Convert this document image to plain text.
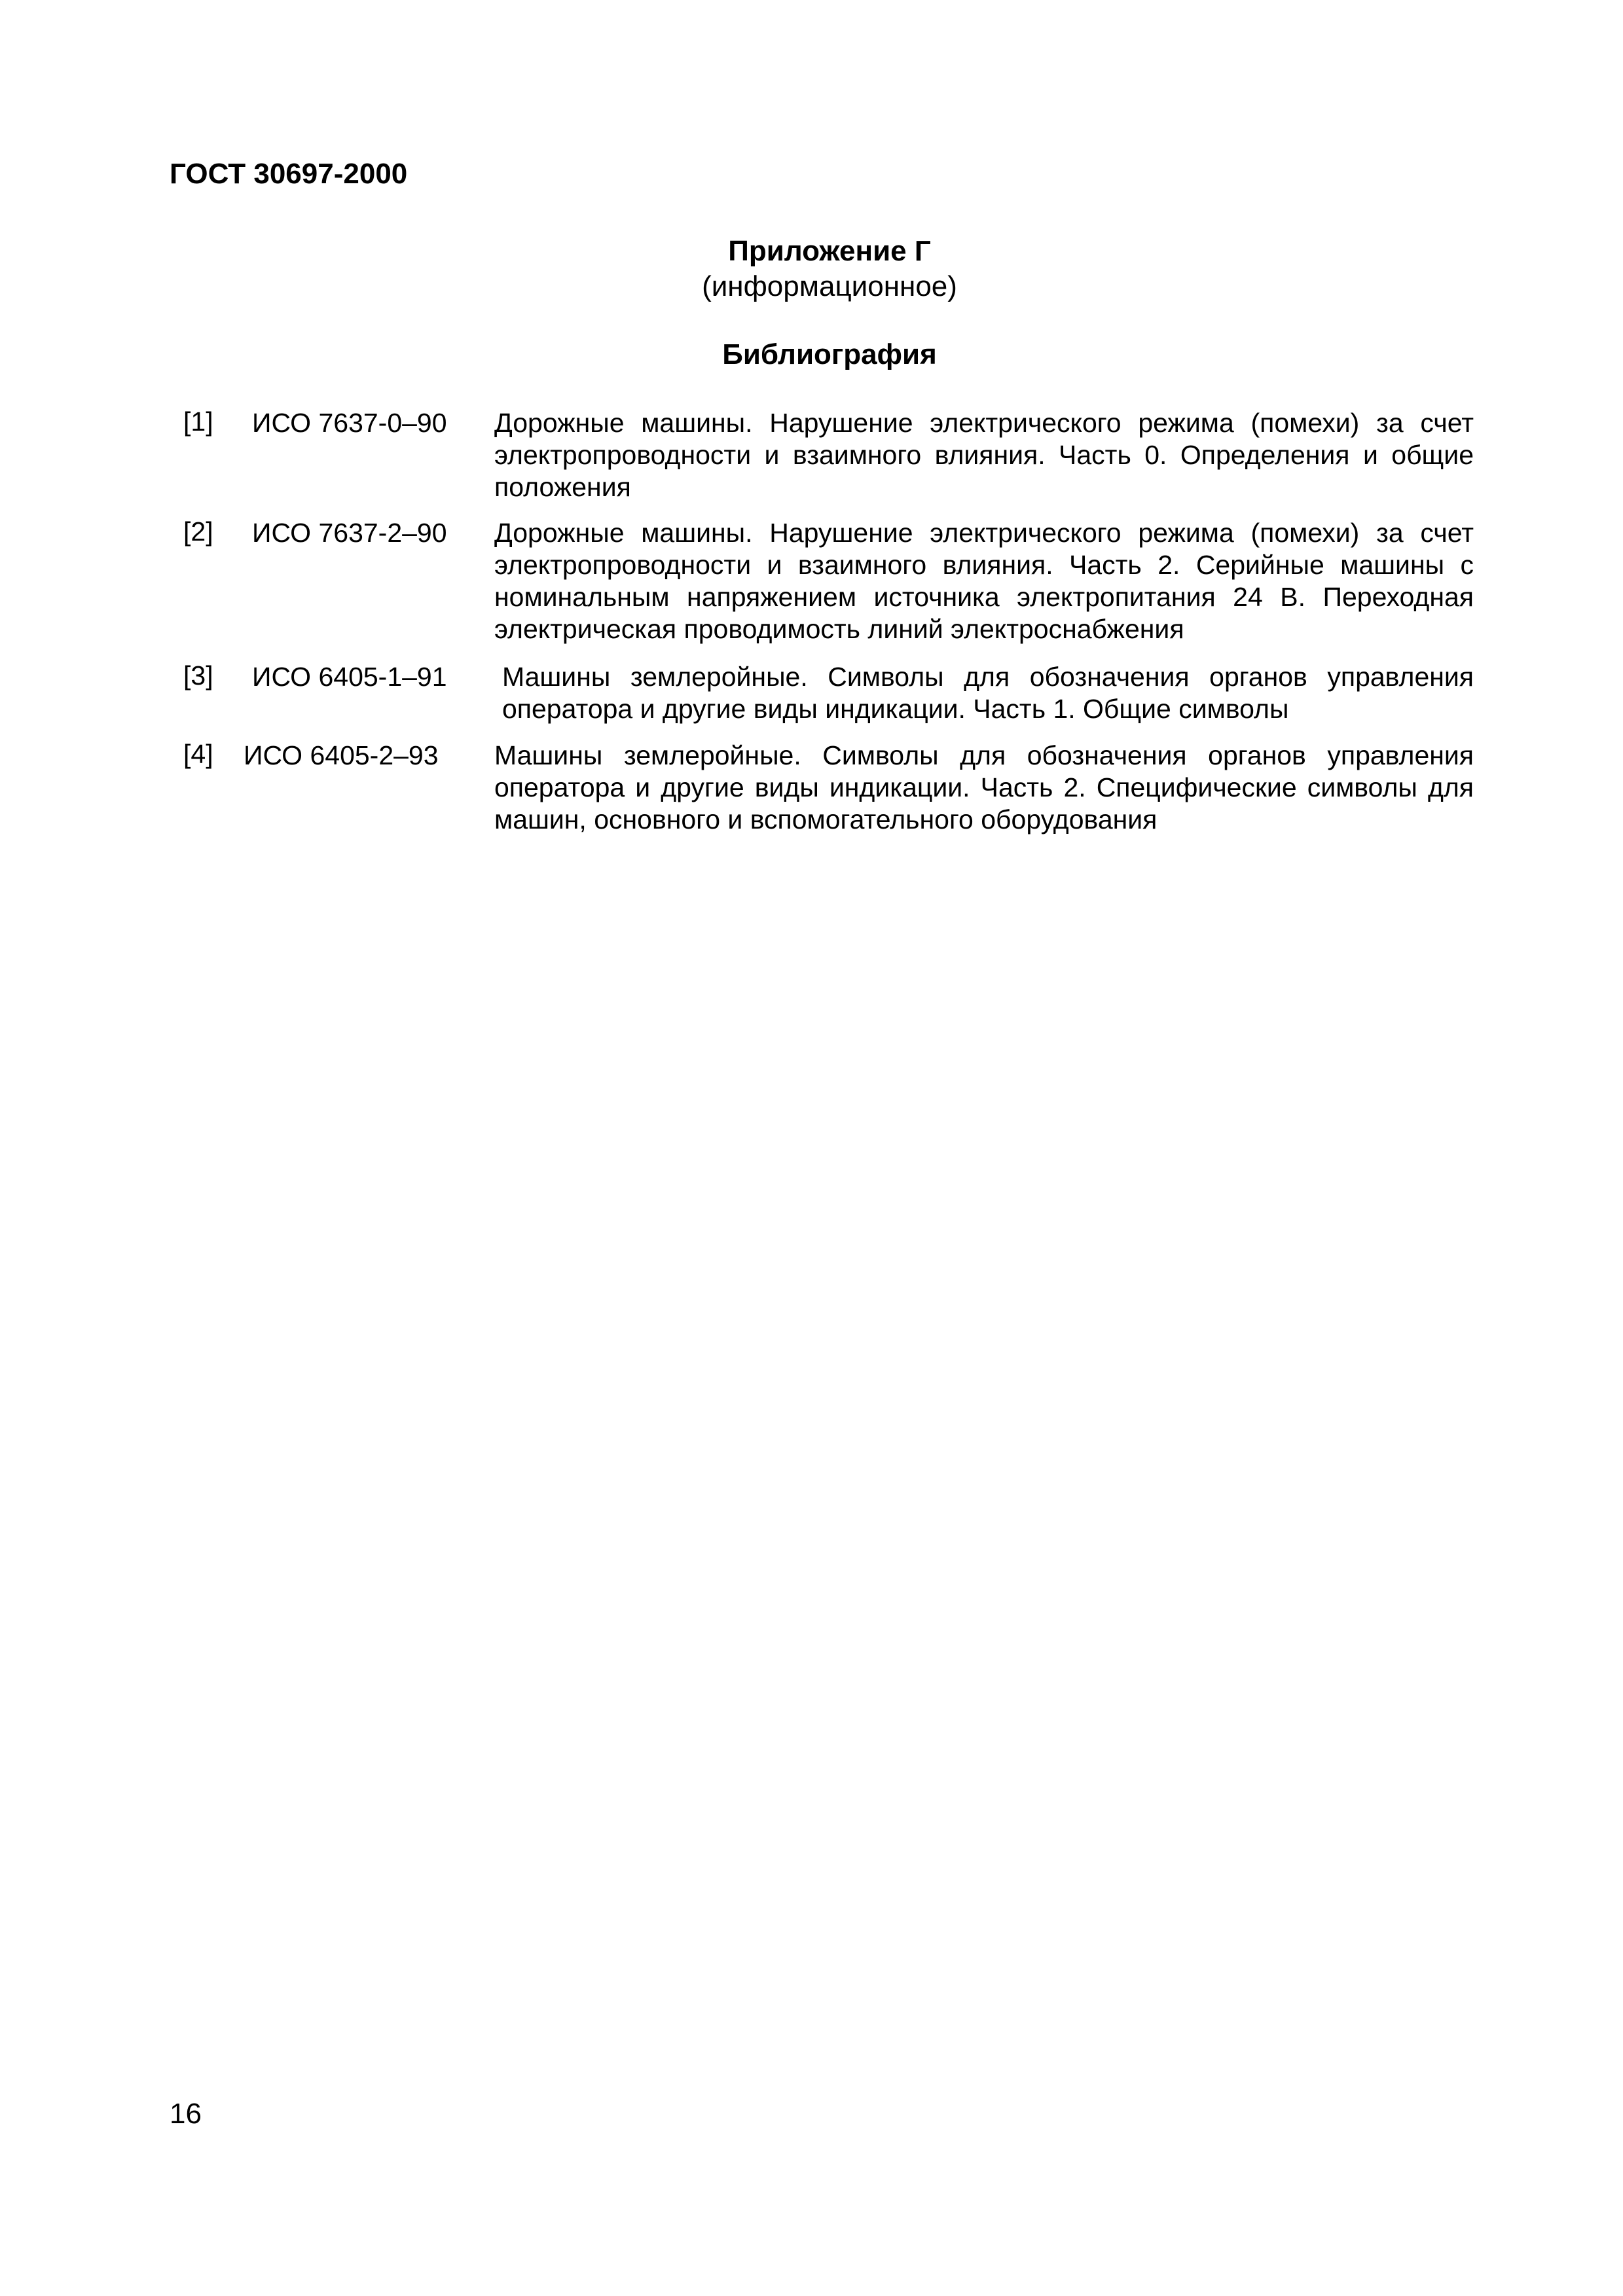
ГОСТ 30697-2000
Приложение Г
(информационное)
Библиография
[1] ИСО 7637-0–90 Дорожные машины. Нарушение электрического режима (помехи) за счет электропроводности и взаимного влияния. Часть 0. Определения и общие положения
[2] ИСО 7637-2–90 Дорожные машины. Нарушение электрического режима (помехи) за счет электропроводности и взаимного влияния. Часть 2. Серийные машины с номинальным напряжением источника электропитания 24 В. Переходная электрическая проводимость линий электроснабжения
[3] ИСО 6405-1–91 Машины землеройные. Символы для обозначения органов управления оператора и другие виды индикации. Часть 1. Общие символы
[4] ИСО 6405-2–93 Машины землеройные. Символы для обозначения органов управления оператора и другие виды индикации. Часть 2. Специфические символы для машин, основного и вспомогательного оборудования
16
